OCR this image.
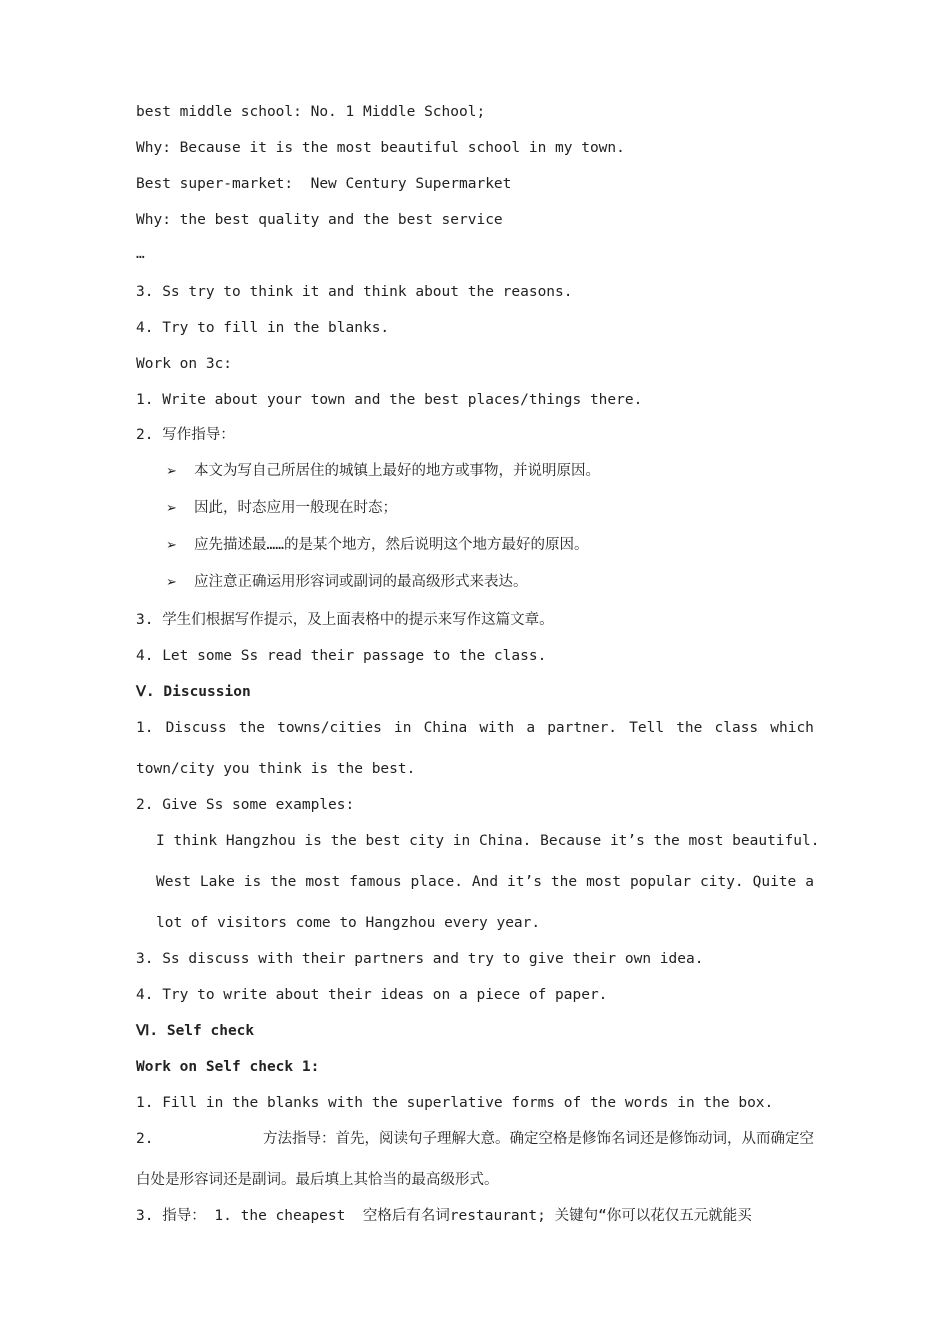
best middle school: No. 1 Middle School;
Why: Because it is the most beautiful school in my town.
Best super-market:  New Century Supermarket
Why: the best quality and the best service
…
3. Ss try to think it and think about the reasons.
4. Try to fill in the blanks.
Work on 3c:
1. Write about your town and the best places/things there.
2. 写作指导：
➢ 本文为写自己所居住的城镇上最好的地方或事物，并说明原因。
➢ 因此，时态应用一般现在时态；
➢ 应先描述最……的是某个地方，然后说明这个地方最好的原因。
➢ 应注意正确运用形容词或副词的最高级形式来表达。
3. 学生们根据写作提示，及上面表格中的提示来写作这篇文章。
4. Let some Ss read their passage to the class.
Ⅴ. Discussion
1. Discuss the towns/cities in China with a partner. Tell the class which
town/city you think is the best.
2. Give Ss some examples:
I think Hangzhou is the best city in China. Because it’s the most beautiful.
West Lake is the most famous place. And it’s the most popular city. Quite a
lot of visitors come to Hangzhou every year.
3. Ss discuss with their partners and try to give their own idea.
4. Try to write about their ideas on a piece of paper.
Ⅵ. Self check
Work on Self check 1:
1. Fill in the blanks with the superlative forms of the words in the box.
2.	方法指导：首先，阅读句子理解大意。确定空格是修饰名词还是修饰动词，从而确定空
白处是形容词还是副词。最后填上其恰当的最高级形式。
3. 指导： 1. the cheapest  空格后有名词restaurant; 关键句“你可以花仅五元就能买
